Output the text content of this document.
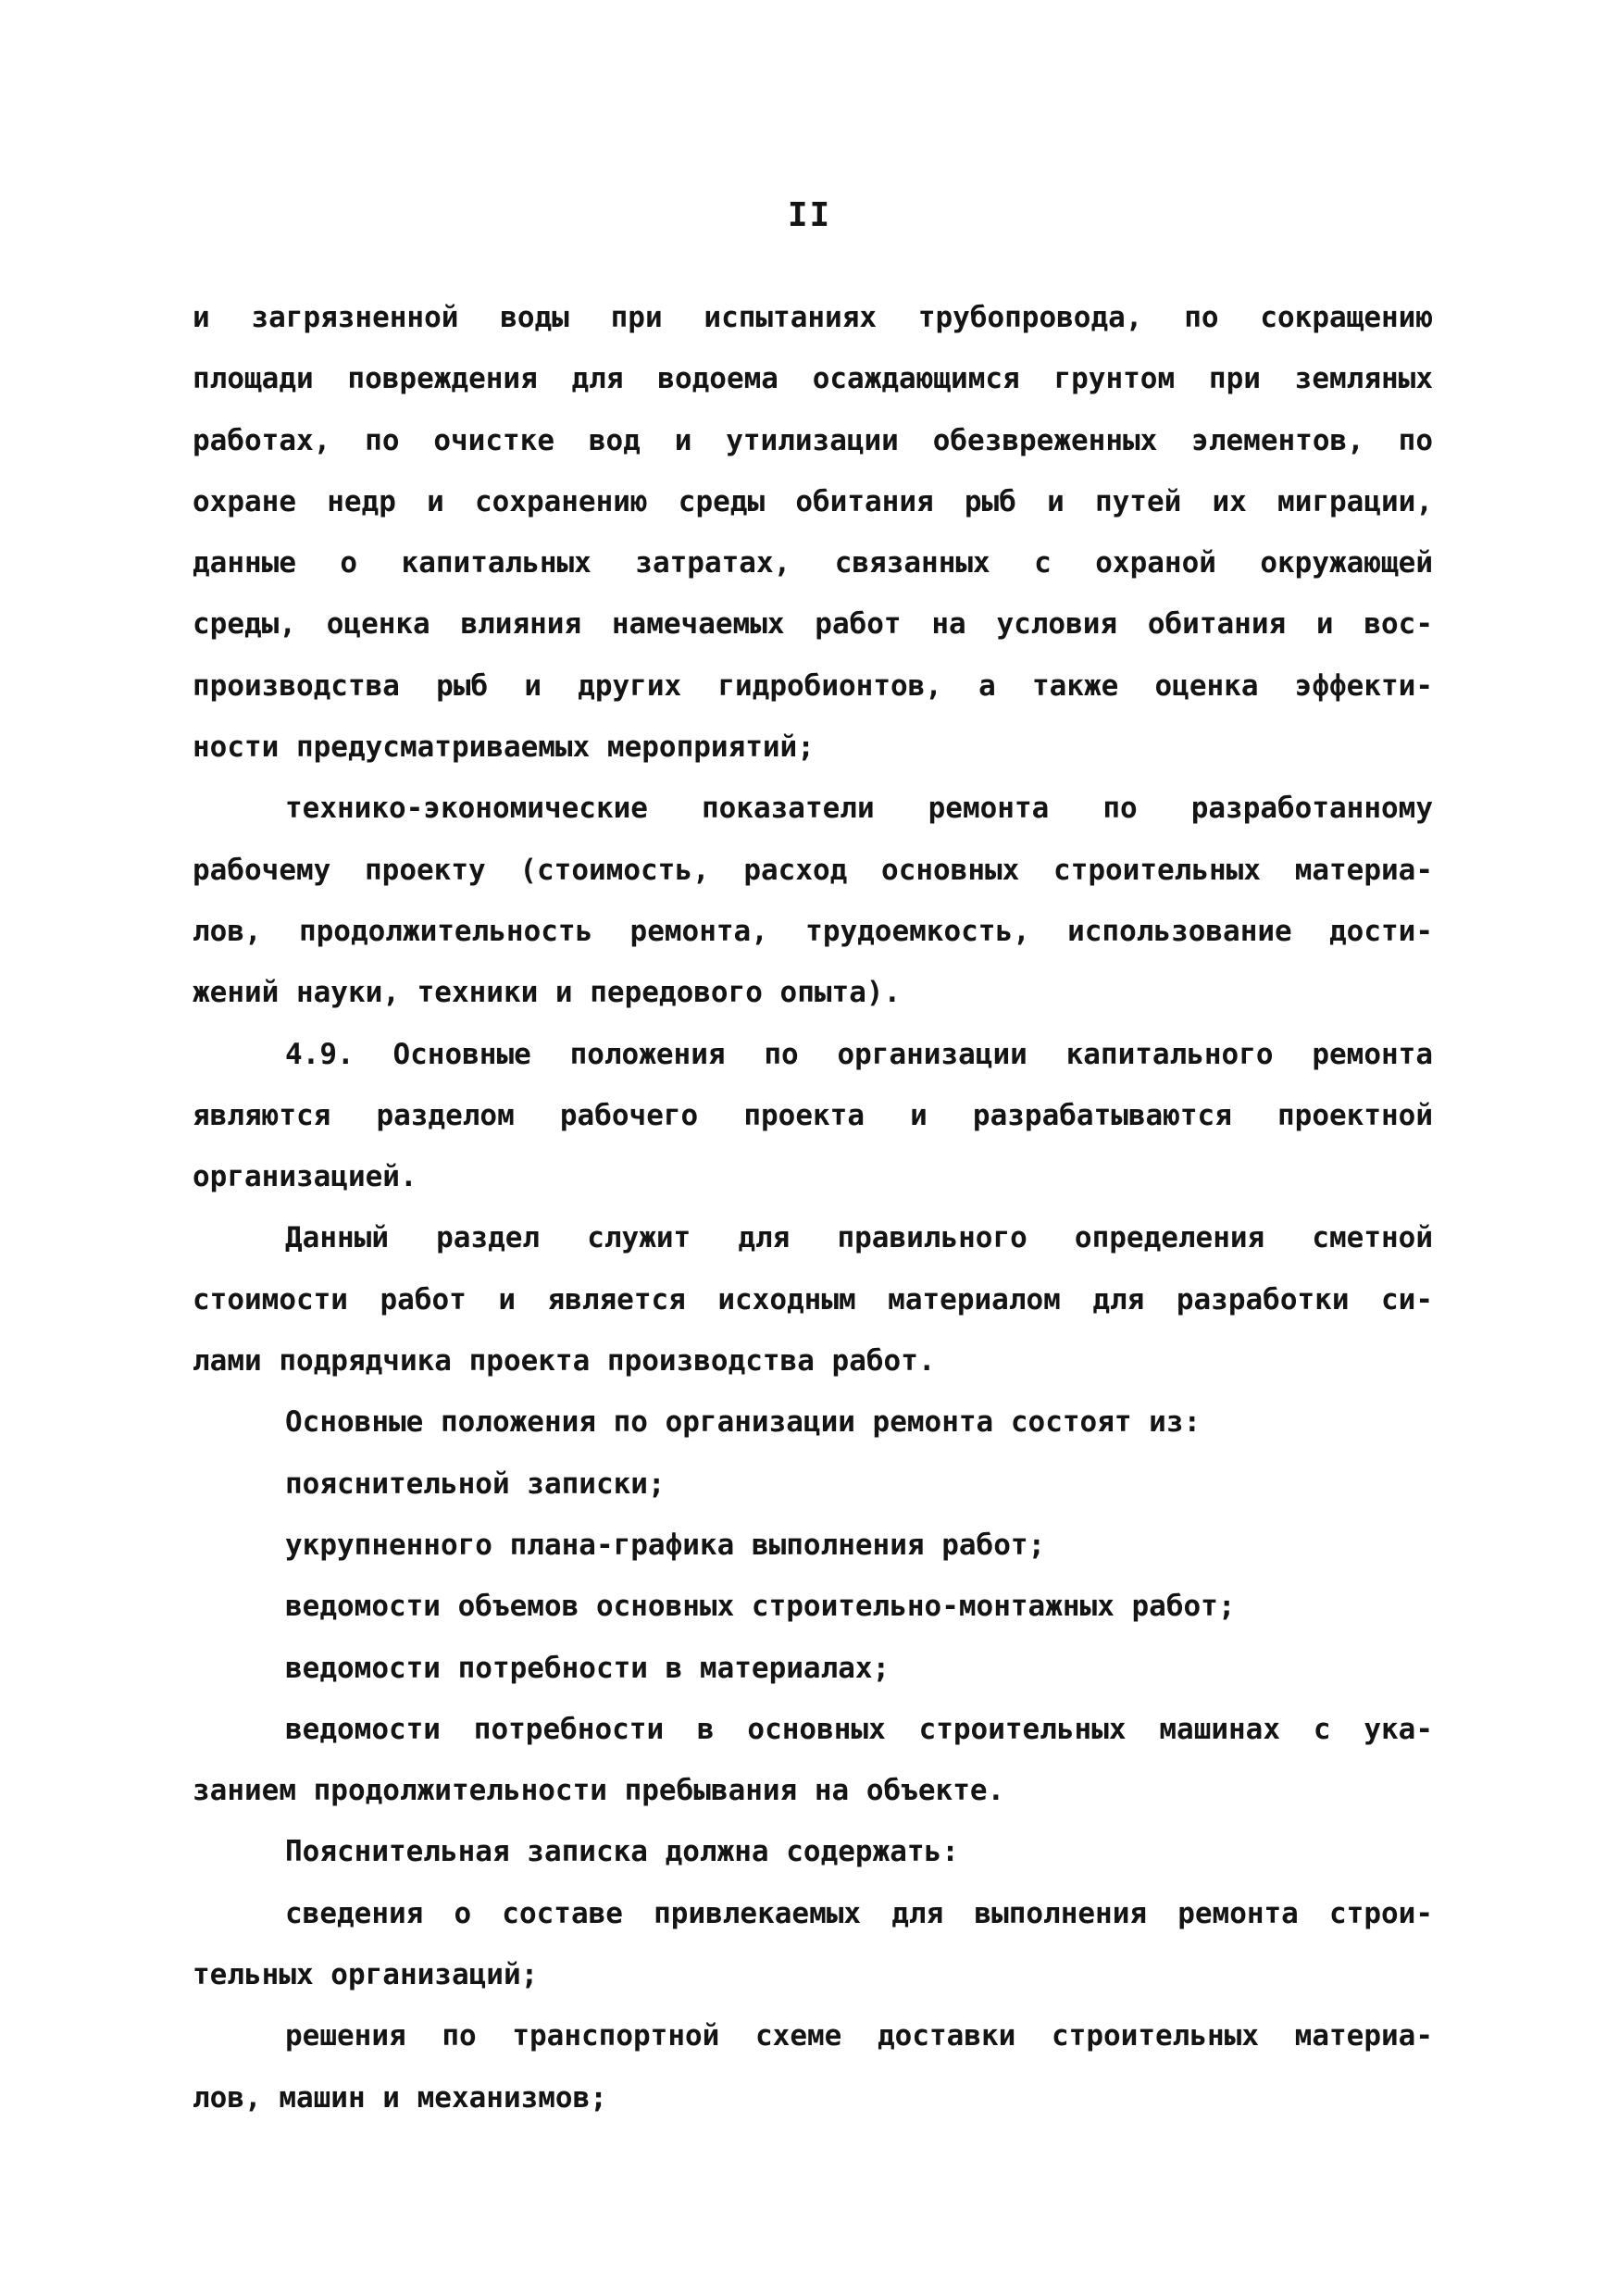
II
и загрязненной воды при испытаниях трубопровода, по сокращению
площади повреждения для водоема осаждающимся грунтом при земляных
работах, по очистке вод и утилизации обезвреженных элементов, по
охране недр и сохранению среды обитания рыб и путей их миграции,
данные о капитальных затратах, связанных с охраной окружающей
среды, оценка влияния намечаемых работ на условия обитания и вос-
производства рыб и других гидробионтов, а также оценка эффекти-
ности предусматриваемых мероприятий;
технико-экономические показатели ремонта по разработанному
рабочему проекту (стоимость, расход основных строительных материа-
лов, продолжительность ремонта, трудоемкость, использование дости-
жений науки, техники и передового опыта).
4.9. Основные положения по организации капитального ремонта
являются разделом рабочего проекта и разрабатываются проектной
организацией.
Данный раздел служит для правильного определения сметной
стоимости работ и является исходным материалом для разработки си-
лами подрядчика проекта производства работ.
Основные положения по организации ремонта состоят из:
пояснительной записки;
укрупненного плана-графика выполнения работ;
ведомости объемов основных строительно-монтажных работ;
ведомости потребности в материалах;
ведомости потребности в основных строительных машинах с ука-
занием продолжительности пребывания на объекте.
Пояснительная записка должна содержать:
сведения о составе привлекаемых для выполнения ремонта строи-
тельных организаций;
решения по транспортной схеме доставки строительных материа-
лов, машин и механизмов;
